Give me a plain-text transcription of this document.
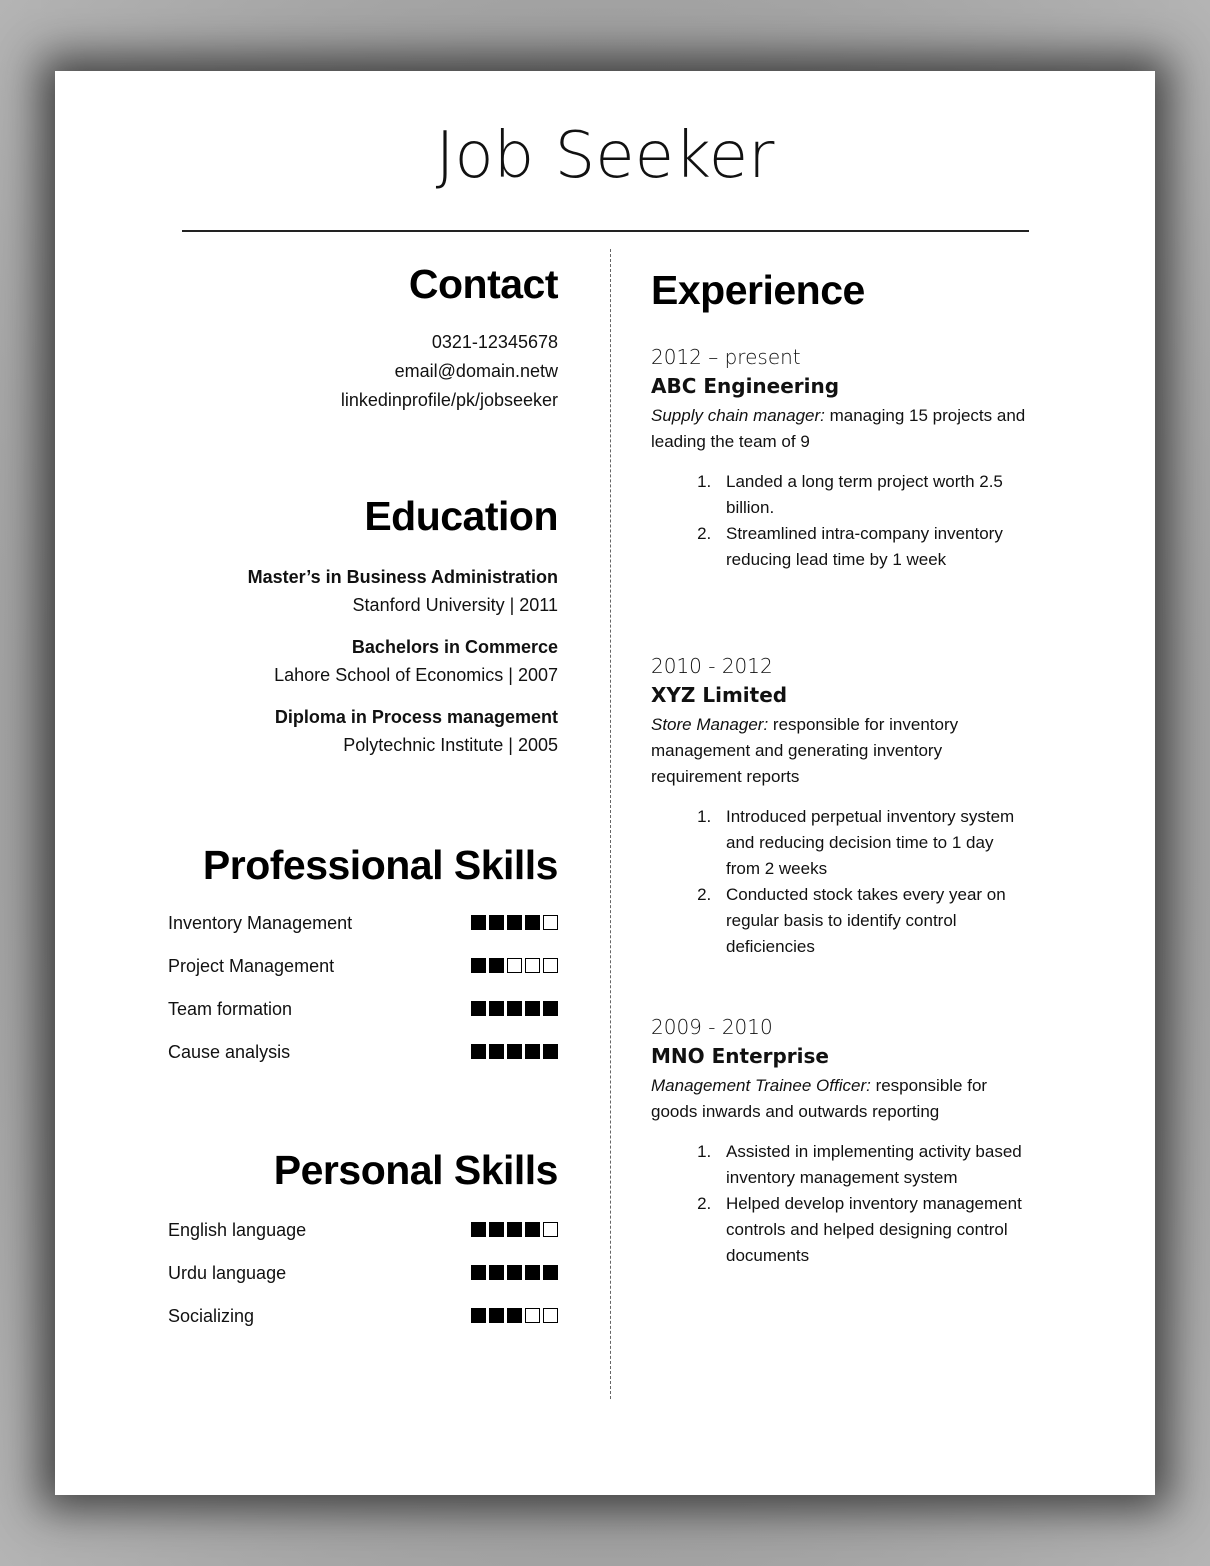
Job Seeker
Contact
0321-12345678
email@domain.netw
linkedinprofile/pk/jobseeker
Education
Master’s in Business Administration
Stanford University | 2011
Bachelors in Commerce
Lahore School of Economics | 2007
Diploma in Process management
Polytechnic Institute | 2005
Professional Skills
Inventory Management
Project Management
Team formation
Cause analysis
Personal Skills
English language
Urdu language
Socializing
Experience
2012 – present
ABC Engineering
Supply chain manager: managing 15 projects and leading the team of 9
1. Landed a long term project worth 2.5 billion.
2. Streamlined intra-company inventory reducing lead time by 1 week
2010 - 2012
XYZ Limited
Store Manager: responsible for inventory management and generating inventory requirement reports
1. Introduced perpetual inventory system and reducing decision time to 1 day from 2 weeks
2. Conducted stock takes every year on regular basis to identify control deficiencies
2009 - 2010
MNO Enterprise
Management Trainee Officer: responsible for goods inwards and outwards reporting
1. Assisted in implementing activity based inventory management system
2. Helped develop inventory management controls and helped designing control documents
